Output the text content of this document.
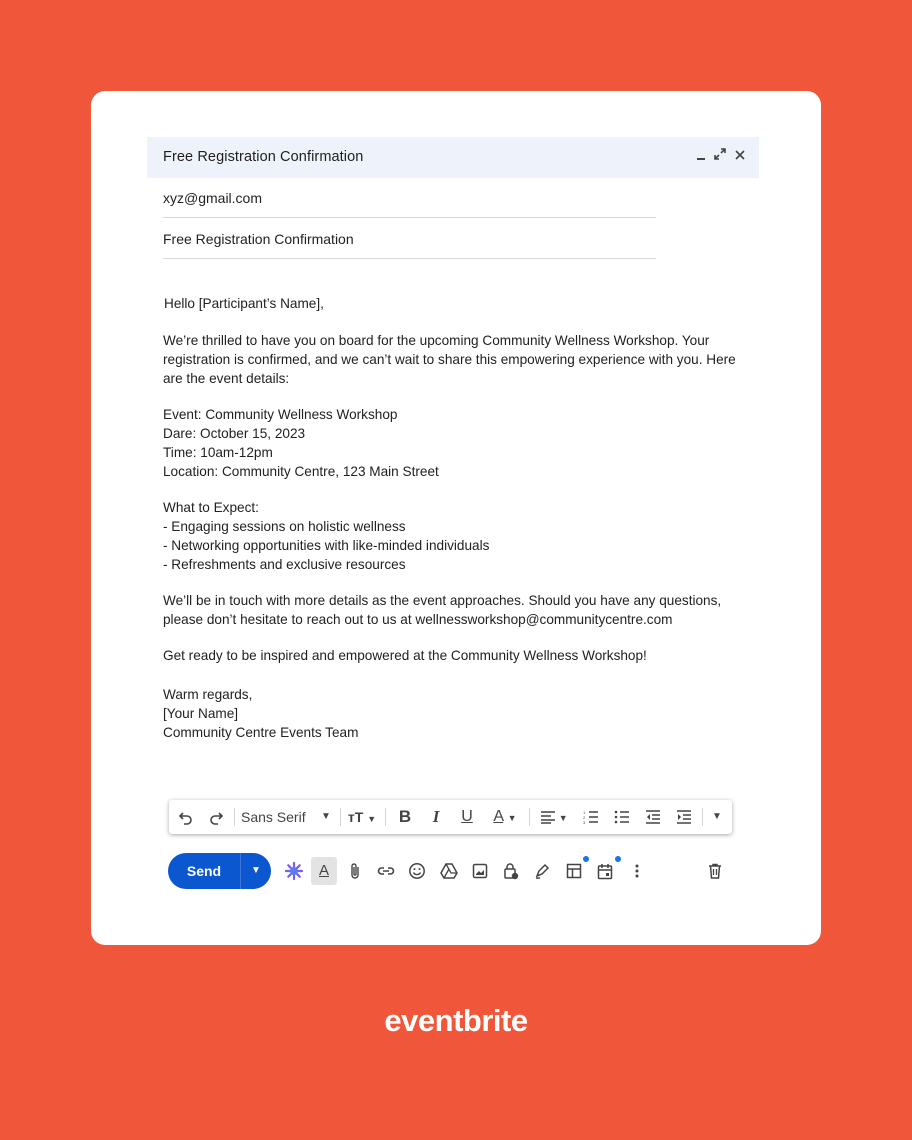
Free Registration Confirmation
xyz@gmail.com
Free Registration Confirmation
Hello [Participant’s Name],
We’re thrilled to have you on board for the upcoming Community Wellness Workshop. Your
registration is confirmed, and we can’t wait to share this empowering experience with you. Here
are the event details:
Event: Community Wellness Workshop
Dare: October 15, 2023
Time: 10am-12pm
Location: Community Centre, 123 Main Street
What to Expect:
- Engaging sessions on holistic wellness
- Networking opportunities with like-minded individuals
- Refreshments and exclusive resources
We’ll be in touch with more details as the event approaches. Should you have any questions,
please don’t hesitate to reach out to us at wellnessworkshop@communitycentre.com
Get ready to be inspired and empowered at the Community Wellness Workshop!
Warm regards,
[Your Name]
Community Centre Events Team
Sans Serif	▼ тT ▼ B	I	U	A ▼	▼
1
2
3
▼
Send	▼	A
eventbrite
